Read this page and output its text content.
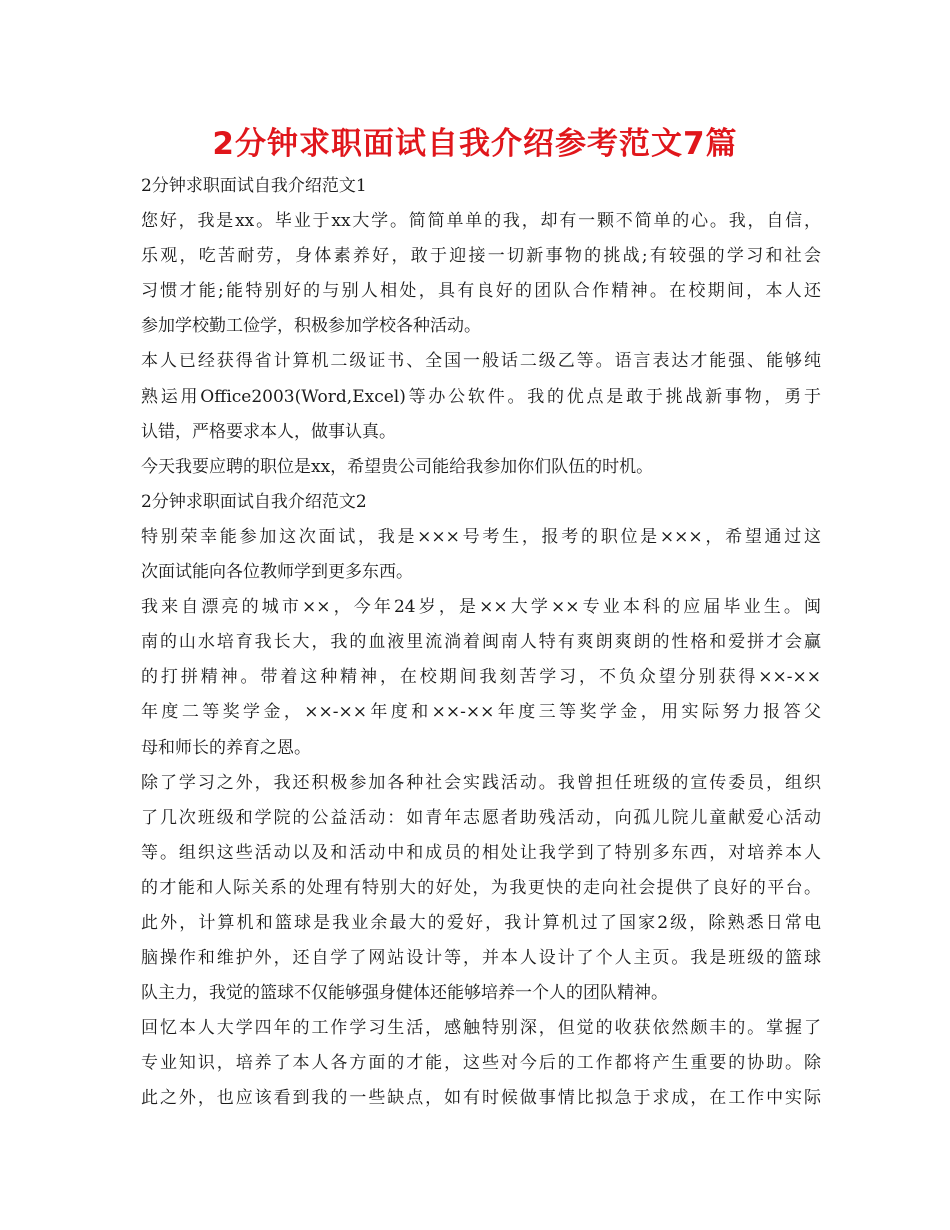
2分钟求职面试自我介绍参考范文7篇
2分钟求职面试自我介绍范文1
您好，我是xx。毕业于xx大学。简简单单的我，却有一颗不简单的心。我，自信，
乐观，吃苦耐劳，身体素养好，敢于迎接一切新事物的挑战;有较强的学习和社会
习惯才能;能特别好的与别人相处，具有良好的团队合作精神。在校期间，本人还
参加学校勤工俭学，积极参加学校各种活动。
本人已经获得省计算机二级证书、全国一般话二级乙等。语言表达才能强、能够纯
熟运用Office2003(Word,Excel)等办公软件。我的优点是敢于挑战新事物，勇于
认错，严格要求本人，做事认真。
今天我要应聘的职位是xx，希望贵公司能给我参加你们队伍的时机。
2分钟求职面试自我介绍范文2
特别荣幸能参加这次面试，我是×××号考生，报考的职位是×××，希望通过这
次面试能向各位教师学到更多东西。
我来自漂亮的城市××，今年24岁，是××大学××专业本科的应届毕业生。闽
南的山水培育我长大，我的血液里流淌着闽南人特有爽朗爽朗的性格和爱拼才会赢
的打拼精神。带着这种精神，在校期间我刻苦学习，不负众望分别获得××-××
年度二等奖学金，××-××年度和××-××年度三等奖学金，用实际努力报答父
母和师长的养育之恩。
除了学习之外，我还积极参加各种社会实践活动。我曾担任班级的宣传委员，组织
了几次班级和学院的公益活动：如青年志愿者助残活动，向孤儿院儿童献爱心活动
等。组织这些活动以及和活动中和成员的相处让我学到了特别多东西，对培养本人
的才能和人际关系的处理有特别大的好处，为我更快的走向社会提供了良好的平台。
此外，计算机和篮球是我业余最大的爱好，我计算机过了国家2级，除熟悉日常电
脑操作和维护外，还自学了网站设计等，并本人设计了个人主页。我是班级的篮球
队主力，我觉的篮球不仅能够强身健体还能够培养一个人的团队精神。
回忆本人大学四年的工作学习生活，感触特别深，但觉的收获依然颇丰的。掌握了
专业知识，培养了本人各方面的才能，这些对今后的工作都将产生重要的协助。除
此之外，也应该看到我的一些缺点，如有时候做事情比拟急于求成，在工作中实际
